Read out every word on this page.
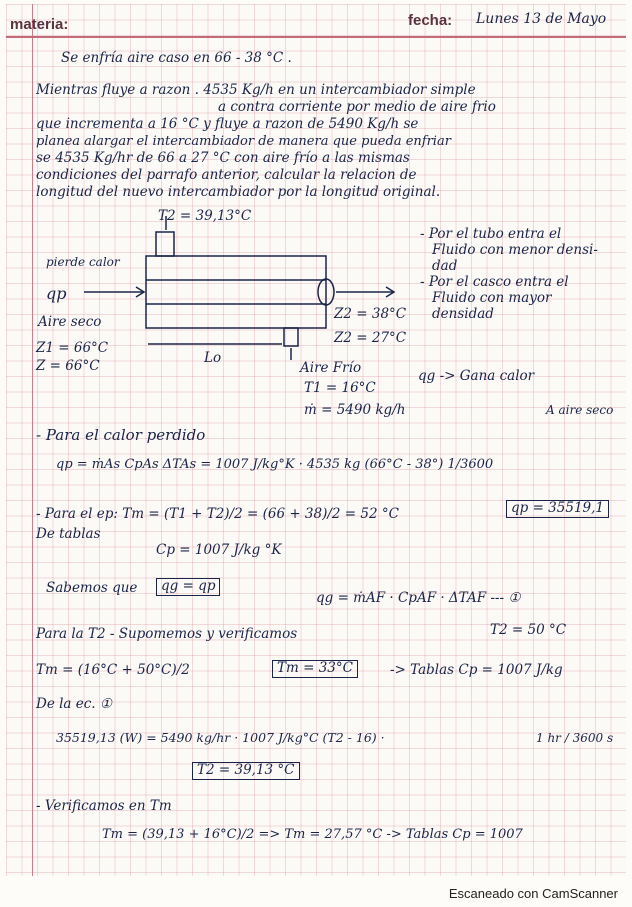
materia:	fecha: Lunes 13 de Mayo
Se enfría aire caso en 66 - 38 °C .
Mientras fluye a razon . 4535 Kg/h en un intercambiador simple
a contra corriente por medio de aire frio
que incrementa a 16 °C y fluye a razon de 5490 Kg/h se
planea alargar el intercambiador de manera que pueda enfriar
se 4535 Kg/hr de 66 a 27 °C con aire frío a las mismas
condiciones del parrafo anterior, calcular la relacion de
longitud del nuevo intercambiador por la longitud original.
T2 = 39,13°C
pierde calor
qp
Aire seco
Z1 = 66°C
Z = 66°C
Z2 = 38°C
Z2 = 27°C
Lo
Aire Frío
T1 = 16°C
ṁ = 5490 kg/h
qg -> Gana calor
A aire seco
- Por el tubo entra el
Fluido con menor densi-
dad
- Por el casco entra el
Fluido con mayor
densidad
- Para el calor perdido
qp = ṁAs CpAs ΔTAs = 1007 J/kg°K · 4535 kg (66°C - 38°) 1/3600
- Para el ep: Tm = (T1 + T2)/2 = (66 + 38)/2 = 52 °C	qp = 35519,1
De tablas
Cp = 1007 J/kg °K
Sabemos que	qg = qp
qg = ṁAF · CpAF · ΔTAF --- ①
Para la T2 - Supomemos y verificamos	T2 = 50 °C
Tm = (16°C + 50°C)/2	Tm = 33°C	-> Tablas Cp = 1007 J/kg
De la ec. ①
35519,13 (W) = 5490 kg/hr · 1007 J/kg°C (T2 - 16) ·	1 hr / 3600 s
T2 = 39,13 °C
- Verificamos en Tm
Tm = (39,13 + 16°C)/2 => Tm = 27,57 °C -> Tablas Cp = 1007
Escaneado con CamScanner
